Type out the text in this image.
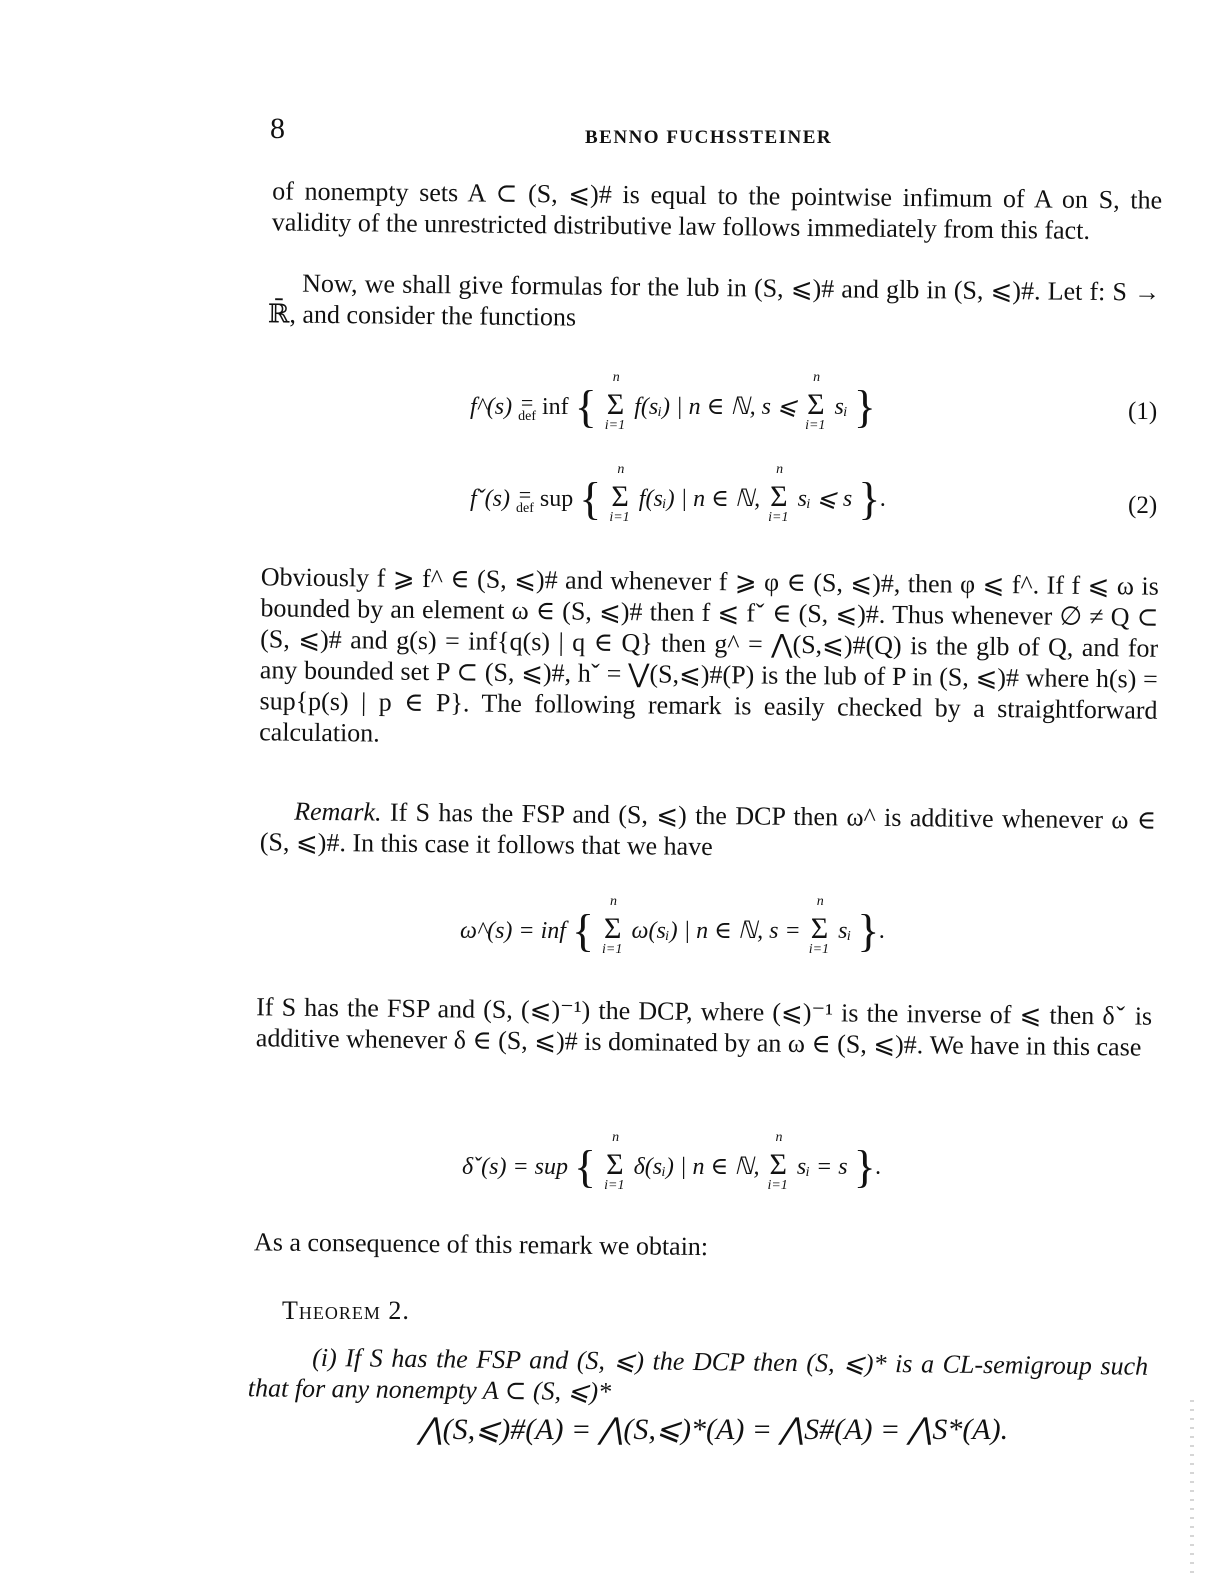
8	BENNO FUCHSSTEINER

of nonempty sets A ⊂ (S, ⩽)# is equal to the pointwise infimum of A on S, the validity of the unrestricted distributive law follows immediately from this fact.

Now, we shall give formulas for the lub in (S, ⩽)# and glb in (S, ⩽)#. Let f: S → ℝ̄, and consider the functions

f^(s) =
def inf { Σ
n
i=1
f(sᵢ) | n ∈ ℕ, s ⩽ Σ
n
i=1
sᵢ }	(1)
fˇ(s) =
def sup { Σ
n
i=1
f(sᵢ) | n ∈ ℕ, Σ
n
i=1
sᵢ ⩽ s }.	(2)

Obviously f ⩾ f^ ∈ (S, ⩽)# and whenever f ⩾ φ ∈ (S, ⩽)#, then φ ⩽ f^. If f ⩽ ω is bounded by an element ω ∈ (S, ⩽)# then f ⩽ fˇ ∈ (S, ⩽)#. Thus whenever ∅ ≠ Q ⊂ (S, ⩽)# and g(s) = inf{q(s) | q ∈ Q} then g^ = ⋀(S,⩽)#(Q) is the glb of Q, and for any bounded set P ⊂ (S, ⩽)#, hˇ = ⋁(S,⩽)#(P) is the lub of P in (S, ⩽)# where h(s) = sup{p(s) | p ∈ P}. The following remark is easily checked by a straightforward calculation.

Remark. If S has the FSP and (S, ⩽) the DCP then ω^ is additive whenever ω ∈ (S, ⩽)#. In this case it follows that we have

ω^(s) = inf { Σ
n
i=1
ω(sᵢ) | n ∈ ℕ, s = Σ
n
i=1
sᵢ }.

If S has the FSP and (S, (⩽)⁻¹) the DCP, where (⩽)⁻¹ is the inverse of ⩽ then δˇ is additive whenever δ ∈ (S, ⩽)# is dominated by an ω ∈ (S, ⩽)#. We have in this case

δˇ(s) = sup { Σ
n
i=1
δ(sᵢ) | n ∈ ℕ, Σ
n
i=1
sᵢ = s }.

As a consequence of this remark we obtain:

Theorem 2.

(i) If S has the FSP and (S, ⩽) the DCP then (S, ⩽)* is a CL-semigroup such that for any nonempty A ⊂ (S, ⩽)*

⋀(S,⩽)#(A) = ⋀(S,⩽)*(A) = ⋀S#(A) = ⋀S*(A).
